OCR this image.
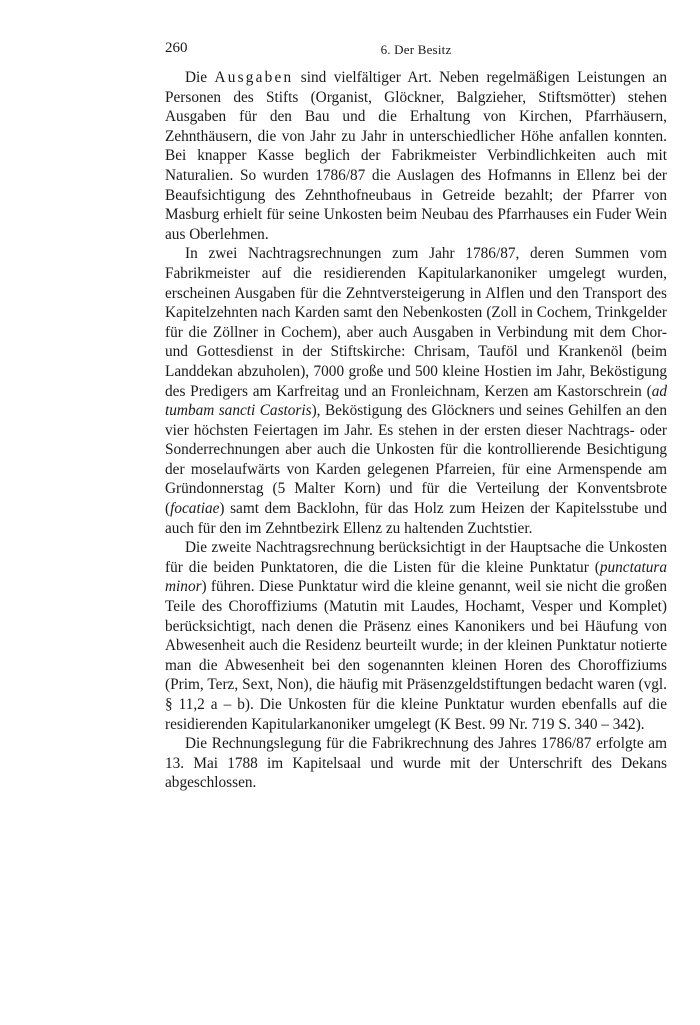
260	6. Der Besitz

Die Ausgaben sind vielfältiger Art. Neben regelmäßigen Leistungen an Personen des Stifts (Organist, Glöckner, Balgzieher, Stiftsmötter) stehen Ausgaben für den Bau und die Erhaltung von Kirchen, Pfarrhäusern, Zehnthäusern, die von Jahr zu Jahr in unterschiedlicher Höhe anfallen konnten. Bei knapper Kasse beglich der Fabrikmeister Verbindlichkeiten auch mit Naturalien. So wurden 1786/87 die Auslagen des Hofmanns in Ellenz bei der Beaufsichtigung des Zehnthofneubaus in Getreide bezahlt; der Pfarrer von Masburg erhielt für seine Unkosten beim Neubau des Pfarrhauses ein Fuder Wein aus Oberlehmen.

In zwei Nachtragsrechnungen zum Jahr 1786/87, deren Summen vom Fabrikmeister auf die residierenden Kapitularkanoniker umgelegt wurden, erscheinen Ausgaben für die Zehntversteigerung in Alflen und den Transport des Kapitelzehnten nach Karden samt den Nebenkosten (Zoll in Cochem, Trinkgelder für die Zöllner in Cochem), aber auch Ausgaben in Verbindung mit dem Chor- und Gottesdienst in der Stiftskirche: Chrisam, Tauföl und Krankenöl (beim Landdekan abzuholen), 7000 große und 500 kleine Hostien im Jahr, Beköstigung des Predigers am Karfreitag und an Fronleichnam, Kerzen am Kastorschrein (ad tumbam sancti Castoris), Beköstigung des Glöckners und seines Gehilfen an den vier höchsten Feiertagen im Jahr. Es stehen in der ersten dieser Nachtrags- oder Sonderrechnungen aber auch die Unkosten für die kontrollierende Besichtigung der moselaufwärts von Karden gelegenen Pfarreien, für eine Armenspende am Gründonnerstag (5 Malter Korn) und für die Verteilung der Konventsbrote (focatiae) samt dem Backlohn, für das Holz zum Heizen der Kapitelsstube und auch für den im Zehntbezirk Ellenz zu haltenden Zuchtstier.

Die zweite Nachtragsrechnung berücksichtigt in der Hauptsache die Unkosten für die beiden Punktatoren, die die Listen für die kleine Punktatur (punctatura minor) führen. Diese Punktatur wird die kleine genannt, weil sie nicht die großen Teile des Choroffiziums (Matutin mit Laudes, Hochamt, Vesper und Komplet) berücksichtigt, nach denen die Präsenz eines Kanonikers und bei Häufung von Abwesenheit auch die Residenz beurteilt wurde; in der kleinen Punktatur notierte man die Abwesenheit bei den sogenannten kleinen Horen des Choroffiziums (Prim, Terz, Sext, Non), die häufig mit Präsenzgeldstiftungen bedacht waren (vgl. § 11,2 a – b). Die Unkosten für die kleine Punktatur wurden ebenfalls auf die residierenden Kapitularkanoniker umgelegt (K Best. 99 Nr. 719 S. 340 – 342).

Die Rechnungslegung für die Fabrikrechnung des Jahres 1786/87 erfolgte am 13. Mai 1788 im Kapitelsaal und wurde mit der Unterschrift des Dekans abgeschlossen.
